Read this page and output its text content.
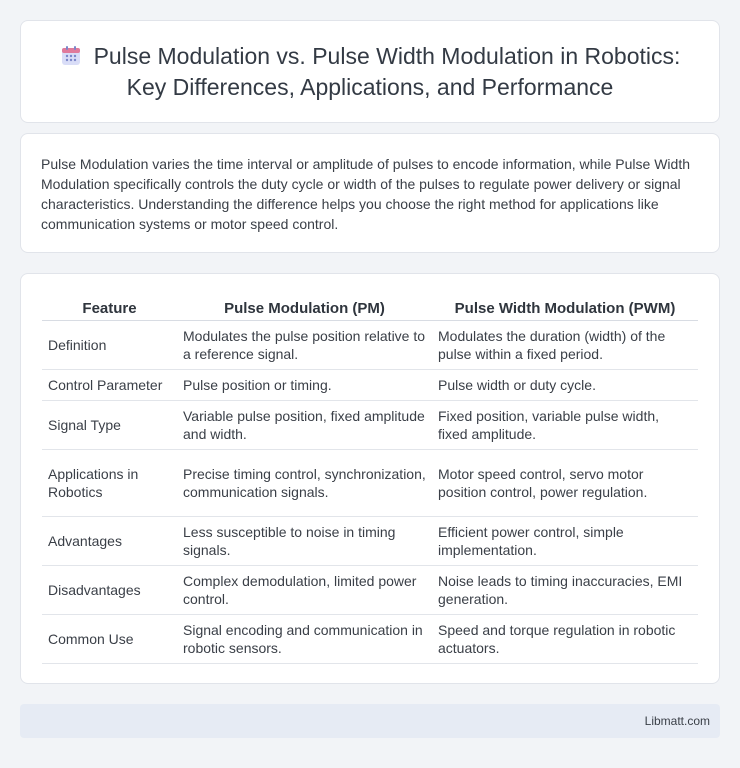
Pulse Modulation vs. Pulse Width Modulation in Robotics: Key Differences, Applications, and Performance

Pulse Modulation varies the time interval or amplitude of pulses to encode information, while Pulse Width Modulation specifically controls the duty cycle or width of the pulses to regulate power delivery or signal characteristics. Understanding the difference helps you choose the right method for applications like communication systems or motor speed control.

Feature	Pulse Modulation (PM)	Pulse Width Modulation (PWM)
Definition	Modulates the pulse position relative to a reference signal.	Modulates the duration (width) of the pulse within a fixed period.
Control Parameter	Pulse position or timing.	Pulse width or duty cycle.
Signal Type	Variable pulse position, fixed amplitude and width.	Fixed position, variable pulse width, fixed amplitude.
Applications in Robotics	Precise timing control, synchronization, communication signals.	Motor speed control, servo motor position control, power regulation.
Advantages	Less susceptible to noise in timing signals.	Efficient power control, simple implementation.
Disadvantages	Complex demodulation, limited power control.	Noise leads to timing inaccuracies, EMI generation.
Common Use	Signal encoding and communication in robotic sensors.	Speed and torque regulation in robotic actuators.
Libmatt.com
